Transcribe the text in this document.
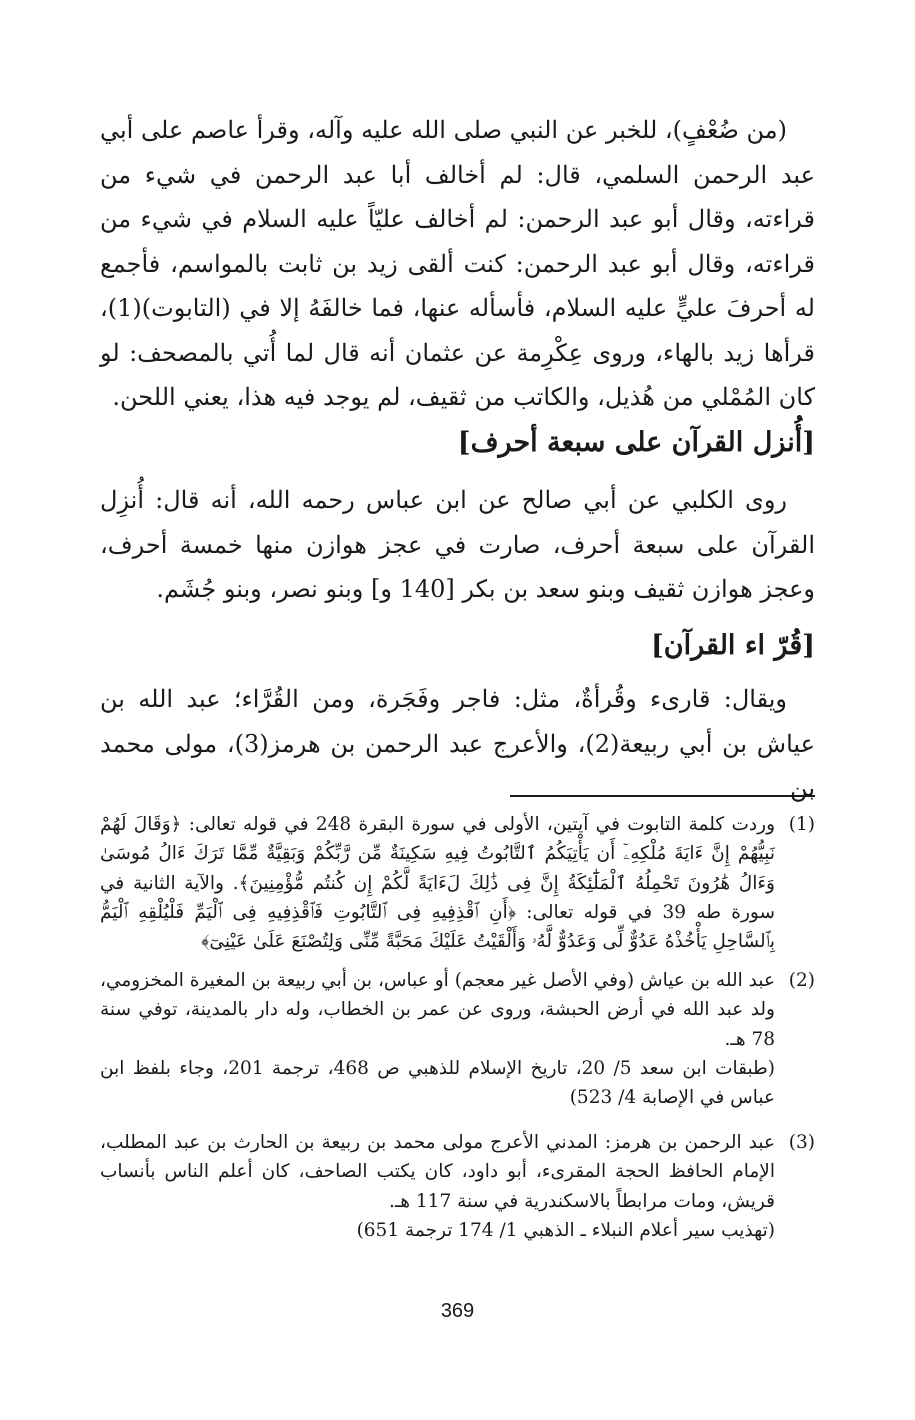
(من ضُعْفٍ)، للخبر عن النبي صلى الله عليه وآله، وقرأ عاصم على أبي عبد الرحمن السلمي، قال: لم أخالف أبا عبد الرحمن في شيء من قراءته، وقال أبو عبد الرحمن: لم أخالف عليّاً عليه السلام في شيء من قراءته، وقال أبو عبد الرحمن: كنت ألقى زيد بن ثابت بالمواسم، فأجمع له أحرفَ عليٍّ عليه السلام، فأسأله عنها، فما خالفَهُ إلا في (التابوت)(1)، قرأها زيد بالهاء، وروى عِكْرِمة عن عثمان أنه قال لما أُتي بالمصحف: لو كان المُمْلي من هُذيل، والكاتب من ثقيف، لم يوجد فيه هذا، يعني اللحن.

[أُنزل القرآن على سبعة أحرف]

روى الكلبي عن أبي صالح عن ابن عباس رحمه الله، أنه قال: أُنزِل القرآن على سبعة أحرف، صارت في عجز هوازن منها خمسة أحرف، وعجز هوازن ثقيف وبنو سعد بن بكر [140 و] وبنو نصر، وبنو جُشَم.

[قُرّ اء القرآن]

ويقال: قارىء وقُرأةٌ، مثل: فاجر وفَجَرة، ومن القُرَّاء؛ عبد الله بن عياش بن أبي ربيعة(2)، والأعرج عبد الرحمن بن هرمز(3)، مولى محمد بن

(1)

وردت كلمة التابوت في آيتين، الأولى في سورة البقرة 248 في قوله تعالى: ﴿وَقَالَ لَهُمْ نَبِيُّهُمْ إِنَّ ءَايَةَ مُلْكِهِۦٓ أَن يَأْتِيَكُمُ ٱلتَّابُوتُ فِيهِ سَكِينَةٌ مِّن رَّبِّكُمْ وَبَقِيَّةٌ مِّمَّا تَرَكَ ءَالُ مُوسَىٰ وَءَالُ هَٰرُونَ تَحْمِلُهُ ٱلْمَلَٰٓئِكَةُ إِنَّ فِى ذَٰلِكَ لَءَايَةً لَّكُمْ إِن كُنتُم مُّؤْمِنِينَ﴾. والآية الثانية في سورة طه 39 في قوله تعالى: ﴿أَنِ ٱقْذِفِيهِ فِى ٱلتَّابُوتِ فَٱقْذِفِيهِ فِى ٱلْيَمِّ فَلْيُلْقِهِ ٱلْيَمُّ بِٱلسَّاحِلِ يَأْخُذْهُ عَدُوٌّ لِّى وَعَدُوٌّ لَّهُۥ وَأَلْقَيْتُ عَلَيْكَ مَحَبَّةً مِّنِّى وَلِتُصْنَعَ عَلَىٰ عَيْنِىٓ﴾

(2)

عبد الله بن عياش (وفي الأصل غير معجم) أو عباس، بن أبي ربيعة بن المغيرة المخزومي، ولد عبد الله في أرض الحبشة، وروى عن عمر بن الخطاب، وله دار بالمدينة، توفي سنة 78 هـ.

(طبقات ابن سعد 5/ 20، تاريخ الإسلام للذهبي ص 468، ترجمة 201، وجاء بلفظ ابن عباس في الإصابة 4/ 523)

(3)

عبد الرحمن بن هرمز: المدني الأعرج مولى محمد بن ربيعة بن الحارث بن عبد المطلب، الإمام الحافظ الحجة المقرىء، أبو داود، كان يكتب الصاحف، كان أعلم الناس بأنساب قريش، ومات مرابطاً بالاسكندرية في سنة 117 هـ.

(تهذيب سير أعلام النبلاء ـ الذهبي 1/ 174 ترجمة 651)

369
